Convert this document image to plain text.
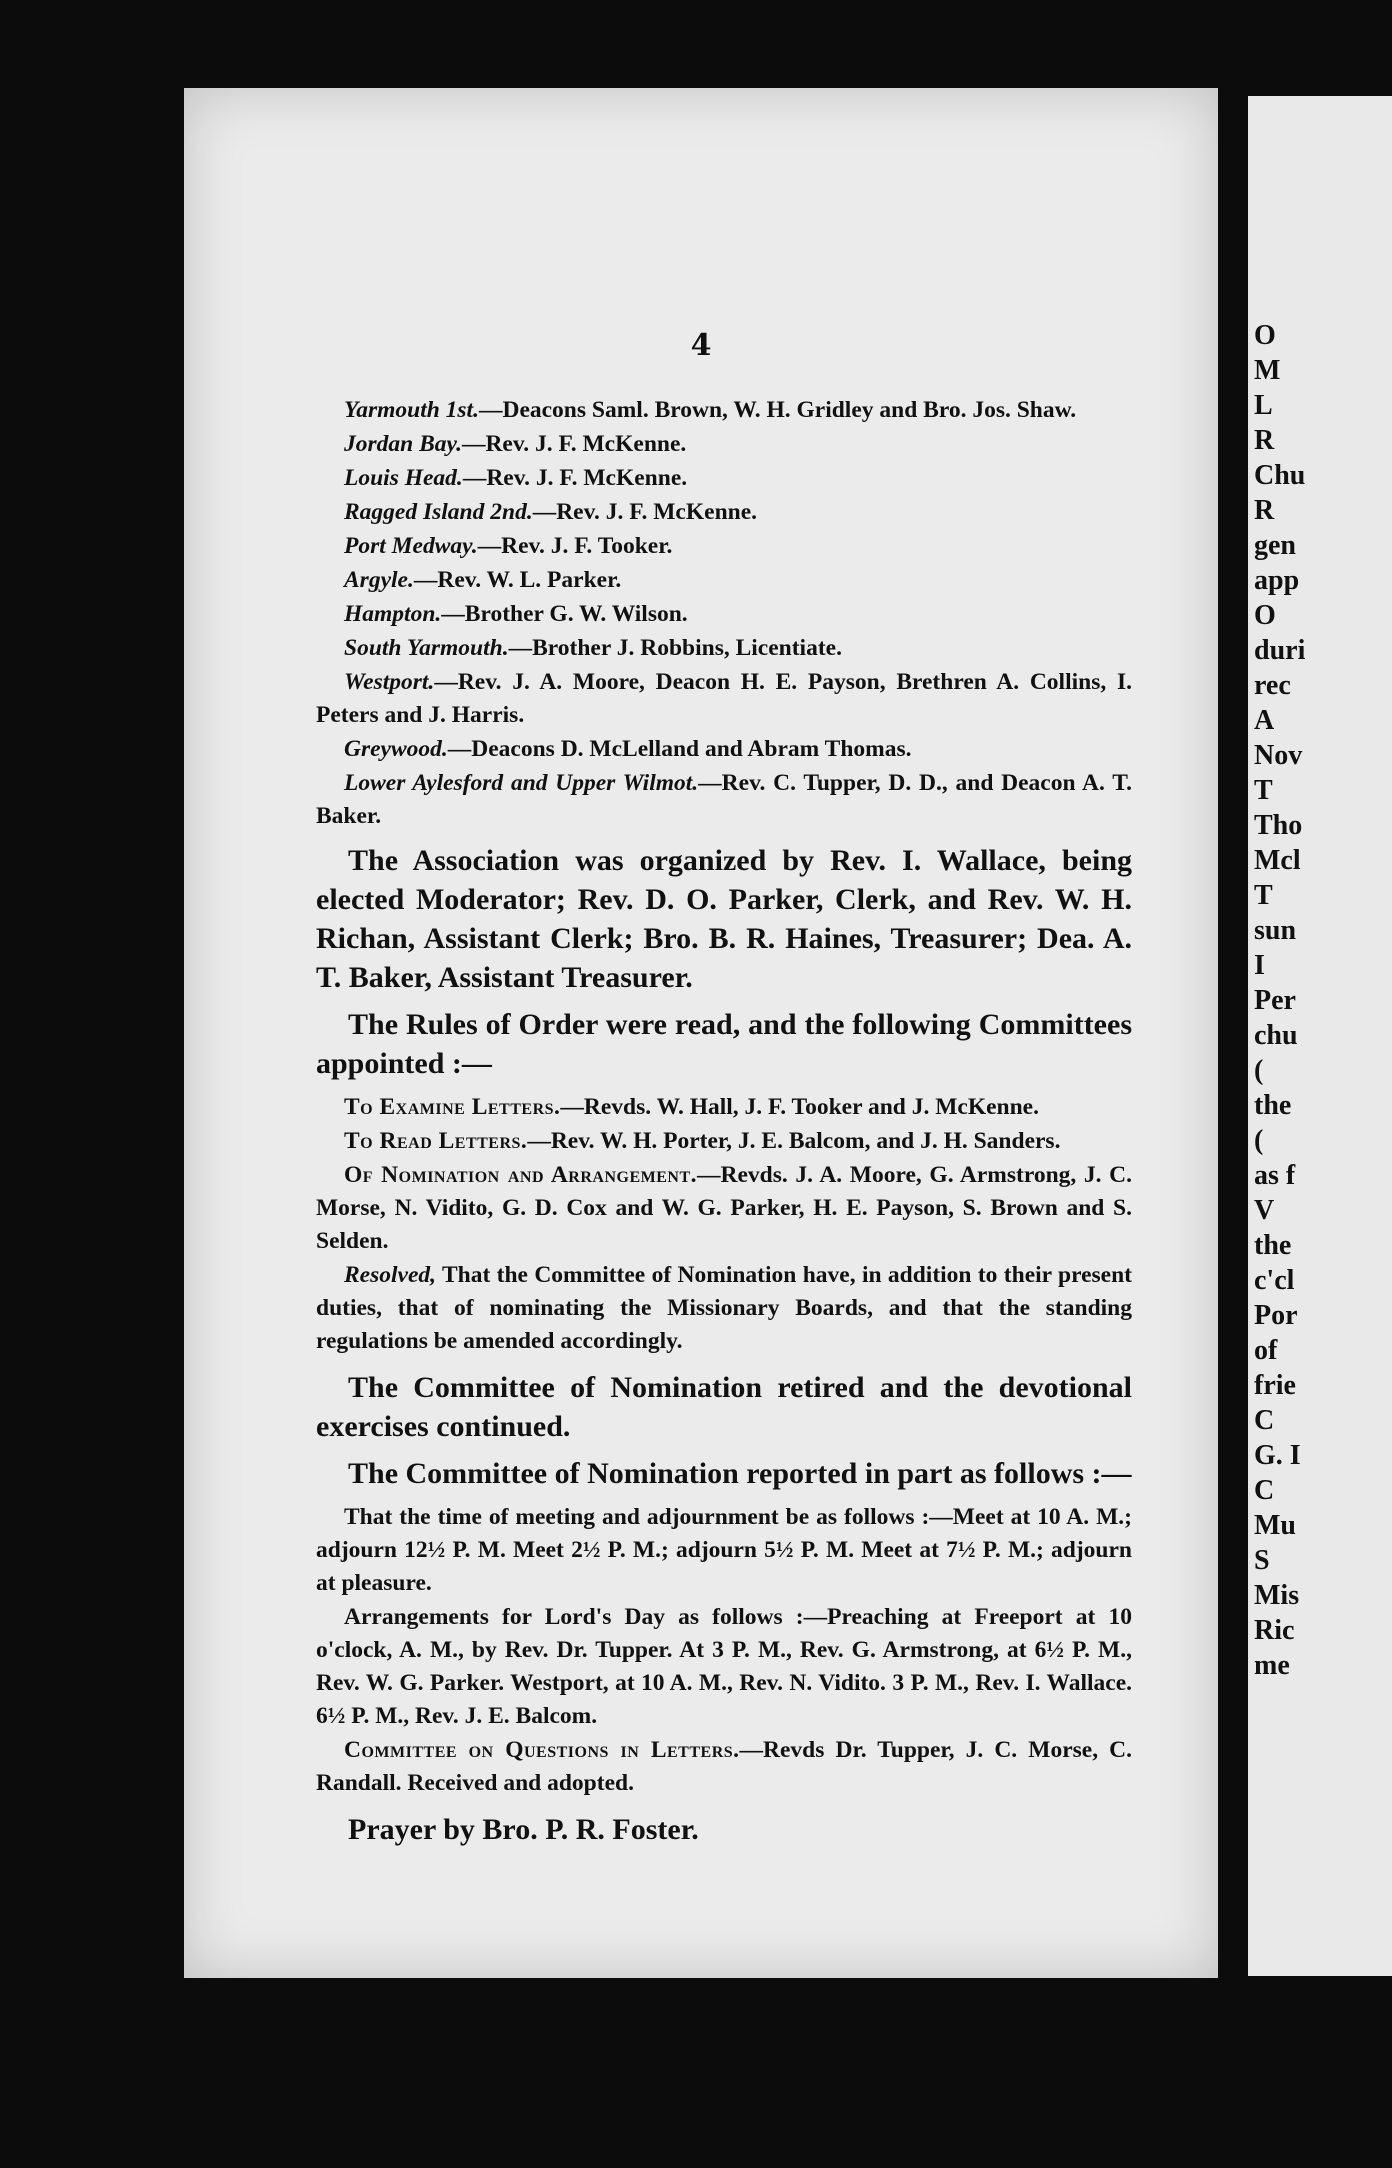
4

Yarmouth 1st.—Deacons Saml. Brown, W. H. Gridley and Bro. Jos. Shaw.

Jordan Bay.—Rev. J. F. McKenne.

Louis Head.—Rev. J. F. McKenne.

Ragged Island 2nd.—Rev. J. F. McKenne.

Port Medway.—Rev. J. F. Tooker.

Argyle.—Rev. W. L. Parker.

Hampton.—Brother G. W. Wilson.

South Yarmouth.—Brother J. Robbins, Licentiate.

Westport.—Rev. J. A. Moore, Deacon H. E. Payson, Brethren A. Collins, I. Peters and J. Harris.

Greywood.—Deacons D. McLelland and Abram Thomas.

Lower Aylesford and Upper Wilmot.—Rev. C. Tupper, D. D., and Deacon A. T. Baker.

The Association was organized by Rev. I. Wallace, being elected Moderator; Rev. D. O. Parker, Clerk, and Rev. W. H. Richan, Assistant Clerk; Bro. B. R. Haines, Treasurer; Dea. A. T. Baker, Assistant Treasurer.

The Rules of Order were read, and the following Committees appointed :—

To Examine Letters.—Revds. W. Hall, J. F. Tooker and J. McKenne.

To Read Letters.—Rev. W. H. Porter, J. E. Balcom, and J. H. Sanders.

Of Nomination and Arrangement.—Revds. J. A. Moore, G. Armstrong, J. C. Morse, N. Vidito, G. D. Cox and W. G. Parker, H. E. Payson, S. Brown and S. Selden.

Resolved, That the Committee of Nomination have, in addition to their present duties, that of nominating the Missionary Boards, and that the standing regulations be amended accordingly.

The Committee of Nomination retired and the devotional exercises continued.

The Committee of Nomination reported in part as follows :—

That the time of meeting and adjournment be as follows :—Meet at 10 A. M.; adjourn 12½ P. M. Meet 2½ P. M.; adjourn 5½ P. M. Meet at 7½ P. M.; adjourn at pleasure.

Arrangements for Lord's Day as follows :—Preaching at Freeport at 10 o'clock, A. M., by Rev. Dr. Tupper. At 3 P. M., Rev. G. Armstrong, at 6½ P. M., Rev. W. G. Parker. Westport, at 10 A. M., Rev. N. Vidito. 3 P. M., Rev. I. Wallace. 6½ P. M., Rev. J. E. Balcom.

Committee on Questions in Letters.—Revds Dr. Tupper, J. C. Morse, C. Randall. Received and adopted.

Prayer by Bro. P. R. Foster.

O
M
L
R
Chu
R
gen
app
O
duri
rec
A
Nov
T
Tho
Mcl
T
sun
I
Per
chu
(
the
(
as f
V
the
c'cl
Por
of
frie
C
G. I
C
Mu
S
Mis
Ric
me
